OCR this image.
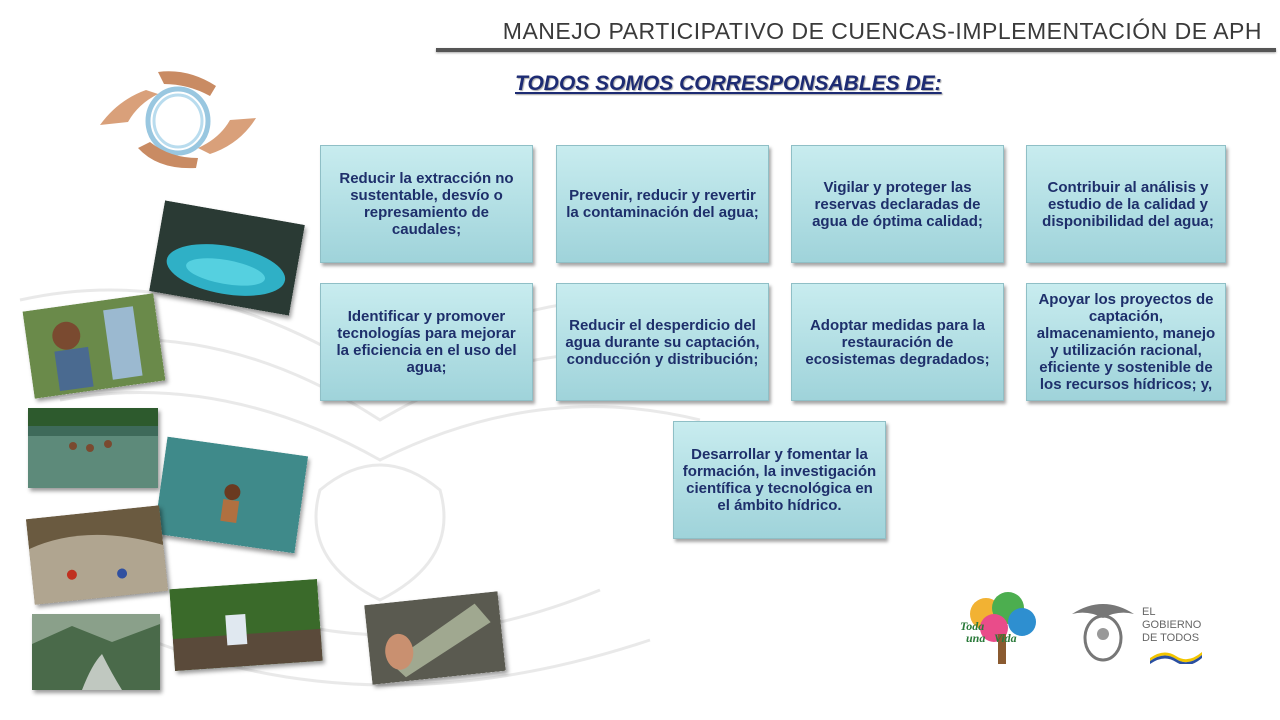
MANEJO PARTICIPATIVO DE CUENCAS-IMPLEMENTACIÓN DE APH
TODOS SOMOS CORRESPONSABLES DE:
Reducir la extracción no sustentable, desvío o represamiento de caudales;
Prevenir, reducir y revertir la contaminación del agua;
Vigilar y proteger las reservas declaradas de agua de óptima calidad;
Contribuir al análisis y estudio de la calidad y disponibilidad del agua;
Identificar y promover tecnologías para mejorar la eficiencia en el uso del agua;
Reducir el desperdicio del agua durante su captación, conducción y distribución;
Adoptar medidas para la restauración de ecosistemas degradados;
Apoyar los proyectos de captación, almacenamiento, manejo y utilización racional, eficiente y sostenible de los recursos hídricos; y,
Desarrollar y fomentar la formación, la investigación científica y tecnológica en el ámbito hídrico.
Toda
una Vida
EL
GOBIERNO
DE TODOS
